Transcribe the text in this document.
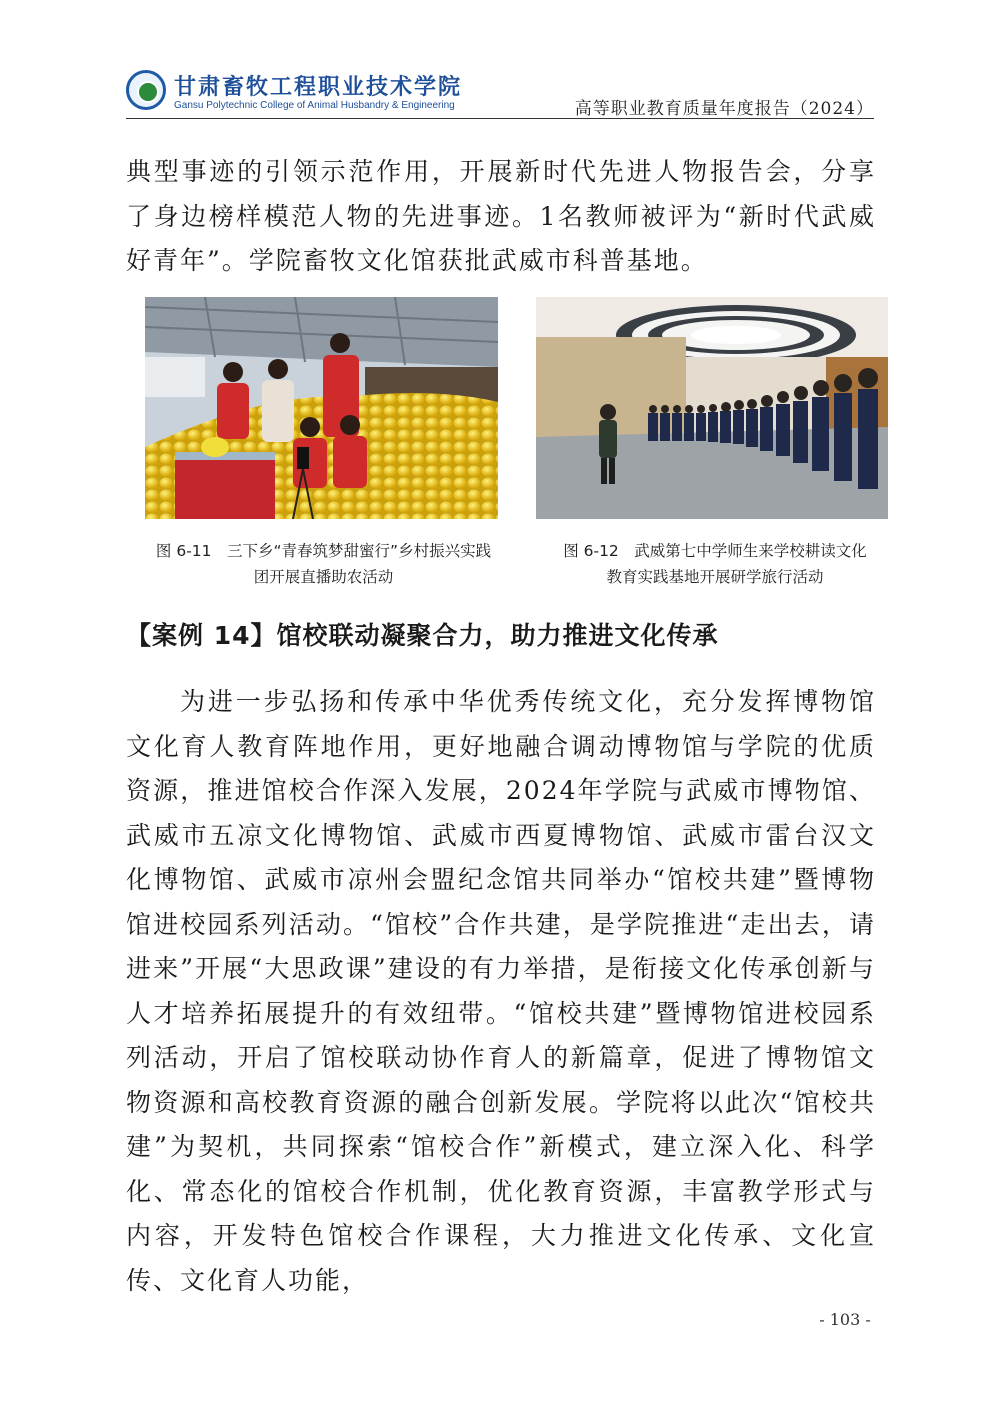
甘肃畜牧工程职业技术学院
Gansu Polytechnic College of Animal Husbandry & Engineering	高等职业教育质量年度报告（2024）

典型事迹的引领示范作用，开展新时代先进人物报告会，分享了身边榜样模范人物的先进事迹。1名教师被评为“新时代武威好青年”。学院畜牧文化馆获批武威市科普基地。

图 6-11　三下乡“青春筑梦甜蜜行”乡村振兴实践
团开展直播助农活动
图 6-12　武威第七中学师生来学校耕读文化
教育实践基地开展研学旅行活动
【案例 14】馆校联动凝聚合力，助力推进文化传承

为进一步弘扬和传承中华优秀传统文化，充分发挥博物馆文化育人教育阵地作用，更好地融合调动博物馆与学院的优质资源，推进馆校合作深入发展，2024年学院与武威市博物馆、武威市五凉文化博物馆、武威市西夏博物馆、武威市雷台汉文化博物馆、武威市凉州会盟纪念馆共同举办“馆校共建”暨博物馆进校园系列活动。“馆校”合作共建，是学院推进“走出去，请进来”开展“大思政课”建设的有力举措，是衔接文化传承创新与人才培养拓展提升的有效纽带。“馆校共建”暨博物馆进校园系列活动，开启了馆校联动协作育人的新篇章，促进了博物馆文物资源和高校教育资源的融合创新发展。学院将以此次“馆校共建”为契机，共同探索“馆校合作”新模式，建立深入化、科学化、常态化的馆校合作机制，优化教育资源，丰富教学形式与内容，开发特色馆校合作课程，大力推进文化传承、文化宣传、文化育人功能，

- 103 -
